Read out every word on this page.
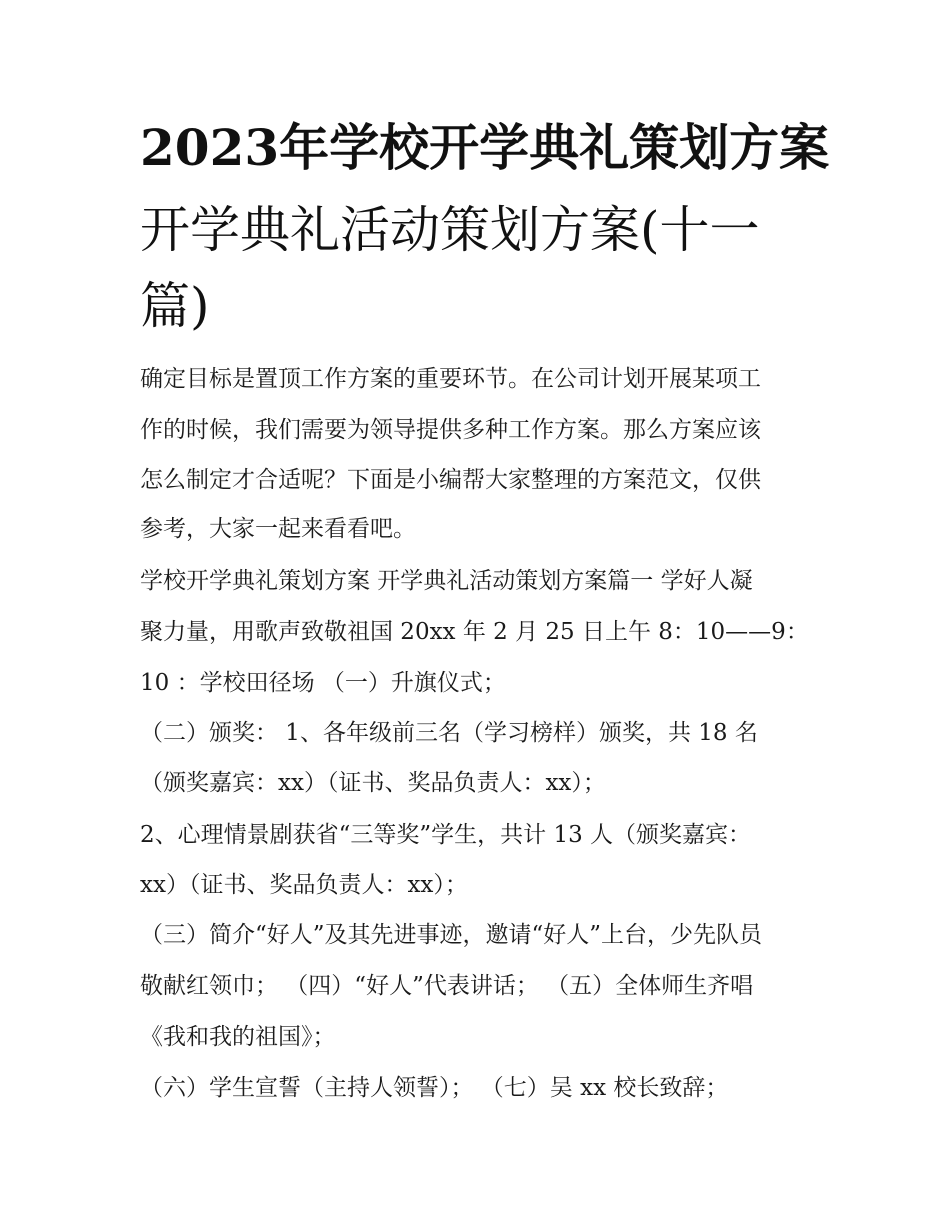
2023年学校开学典礼策划方案
开学典礼活动策划方案(十一
篇)

确定目标是置顶工作方案的重要环节。在公司计划开展某项工

作的时候，我们需要为领导提供多种工作方案。那么方案应该

怎么制定才合适呢？下面是小编帮大家整理的方案范文，仅供

参考，大家一起来看看吧。

学校开学典礼策划方案 开学典礼活动策划方案篇一 学好人凝

聚力量，用歌声致敬祖国 20xx 年 2 月 25 日上午 8：10——9：

10 ：学校田径场 （一）升旗仪式；

（二）颁奖： 1、各年级前三名（学习榜样）颁奖，共 18 名

（颁奖嘉宾：xx）（证书、奖品负责人：xx）；

2、心理情景剧获省“三等奖”学生，共计 13 人（颁奖嘉宾：

xx）（证书、奖品负责人：xx）；

（三）简介“好人”及其先进事迹，邀请“好人”上台，少先队员

敬献红领巾； （四）“好人”代表讲话； （五）全体师生齐唱

《我和我的祖国》；

（六）学生宣誓（主持人领誓）； （七）吴 xx 校长致辞；
